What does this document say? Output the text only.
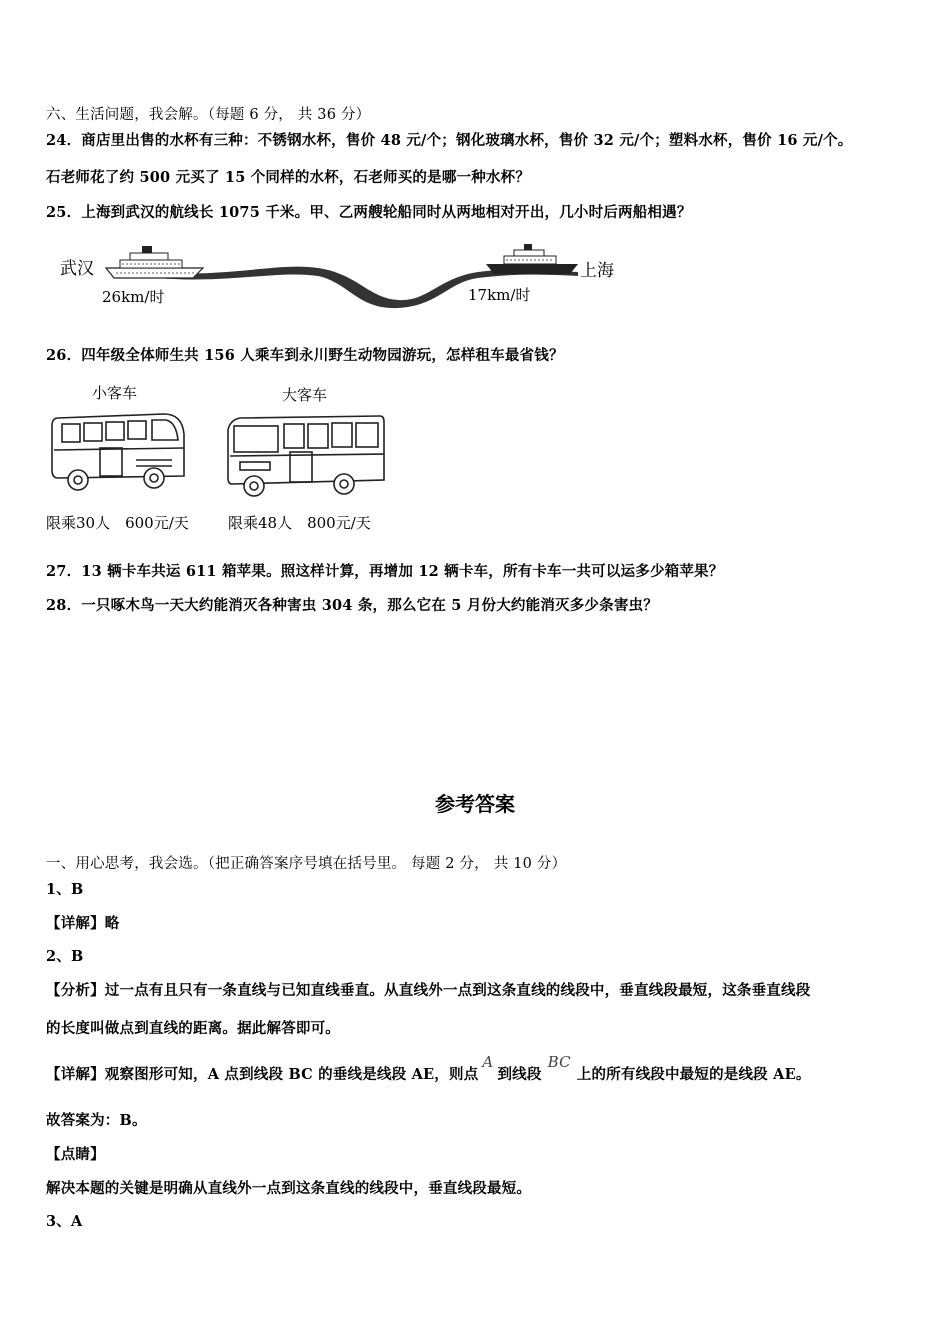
六、生活问题，我会解。（每题 6 分， 共 36 分）
24．商店里出售的水杯有三种：不锈钢水杯，售价 48 元/个；钢化玻璃水杯，售价 32 元/个；塑料水杯，售价 16 元/个。
石老师花了约 500 元买了 15 个同样的水杯，石老师买的是哪一种水杯？
25．上海到武汉的航线长 1075 千米。甲、乙两艘轮船同时从两地相对开出，几小时后两船相遇？
武汉	上海
26km/时	17km/时
26．四年级全体师生共 156 人乘车到永川野生动物园游玩，怎样租车最省钱？
小客车	大客车
限乘30人　600元/天	限乘48人　800元/天
27．13 辆卡车共运 611 箱苹果。照这样计算，再增加 12 辆卡车，所有卡车一共可以运多少箱苹果？
28．一只啄木鸟一天大约能消灭各种害虫 304 条，那么它在 5 月份大约能消灭多少条害虫？
参考答案
一、用心思考，我会选。（把正确答案序号填在括号里。 每题 2 分， 共 10 分）
1、B
【详解】略
2、B
【分析】过一点有且只有一条直线与已知直线垂直。从直线外一点到这条直线的线段中，垂直线段最短，这条垂直线段
的长度叫做点到直线的距离。据此解答即可。
【详解】观察图形可知，A 点到线段 BC 的垂线是线段 AE，则点A到线段BC上的所有线段中最短的是线段 AE。
故答案为：B。
【点睛】
解决本题的关键是明确从直线外一点到这条直线的线段中，垂直线段最短。
3、A
